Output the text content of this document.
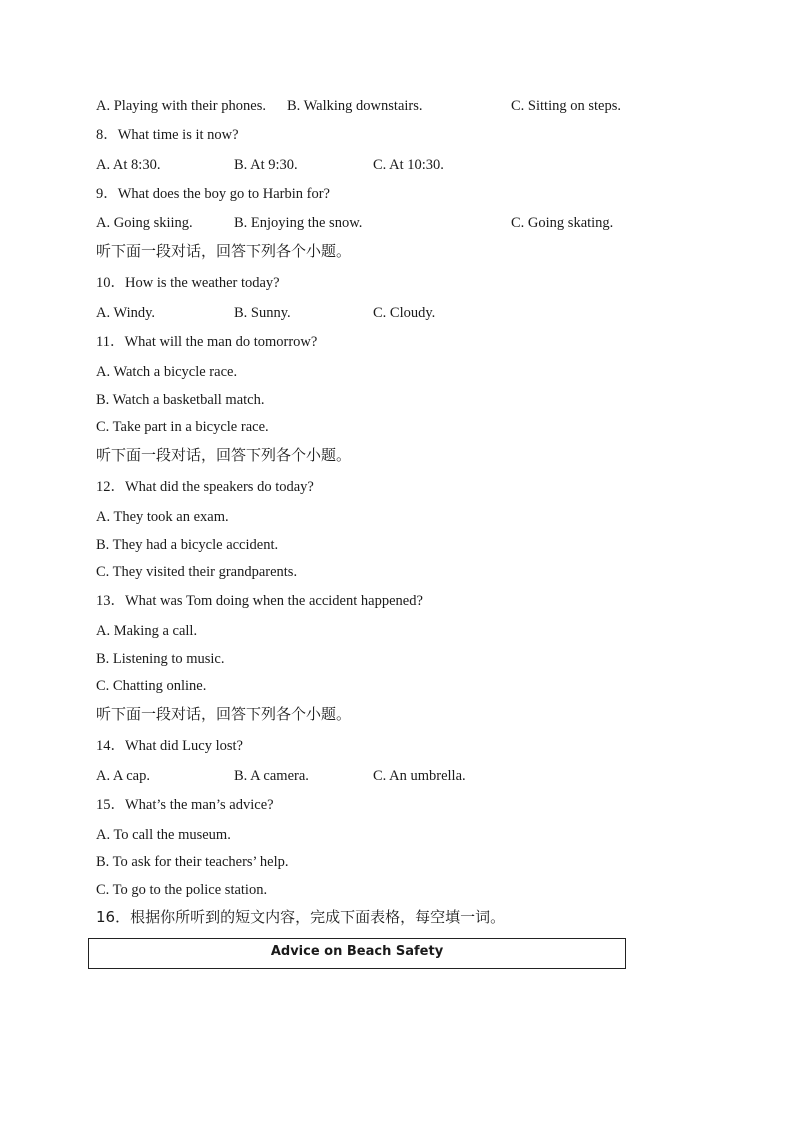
A. Playing with their phones. B. Walking downstairs.	C. Sitting on steps.
8．What time is it now?
A. At 8:30.	B. At 9:30.	C. At 10:30.
9．What does the boy go to Harbin for?
A. Going skiing.	B. Enjoying the snow.	C. Going skating.
听下面一段对话，回答下列各个小题。
10．How is the weather today?
A. Windy.	B. Sunny.	C. Cloudy.
11．What will the man do tomorrow?
A. Watch a bicycle race.
B. Watch a basketball match.
C. Take part in a bicycle race.
听下面一段对话，回答下列各个小题。
12．What did the speakers do today?
A. They took an exam.
B. They had a bicycle accident.
C. They visited their grandparents.
13．What was Tom doing when the accident happened?
A. Making a call.
B. Listening to music.
C. Chatting online.
听下面一段对话，回答下列各个小题。
14．What did Lucy lost?
A. A cap.	B. A camera.	C. An umbrella.
15．What’s the man’s advice?
A. To call the museum.
B. To ask for their teachers’ help.
C. To go to the police station.
16．根据你所听到的短文内容，完成下面表格，每空填一词。
Advice on Beach Safety
